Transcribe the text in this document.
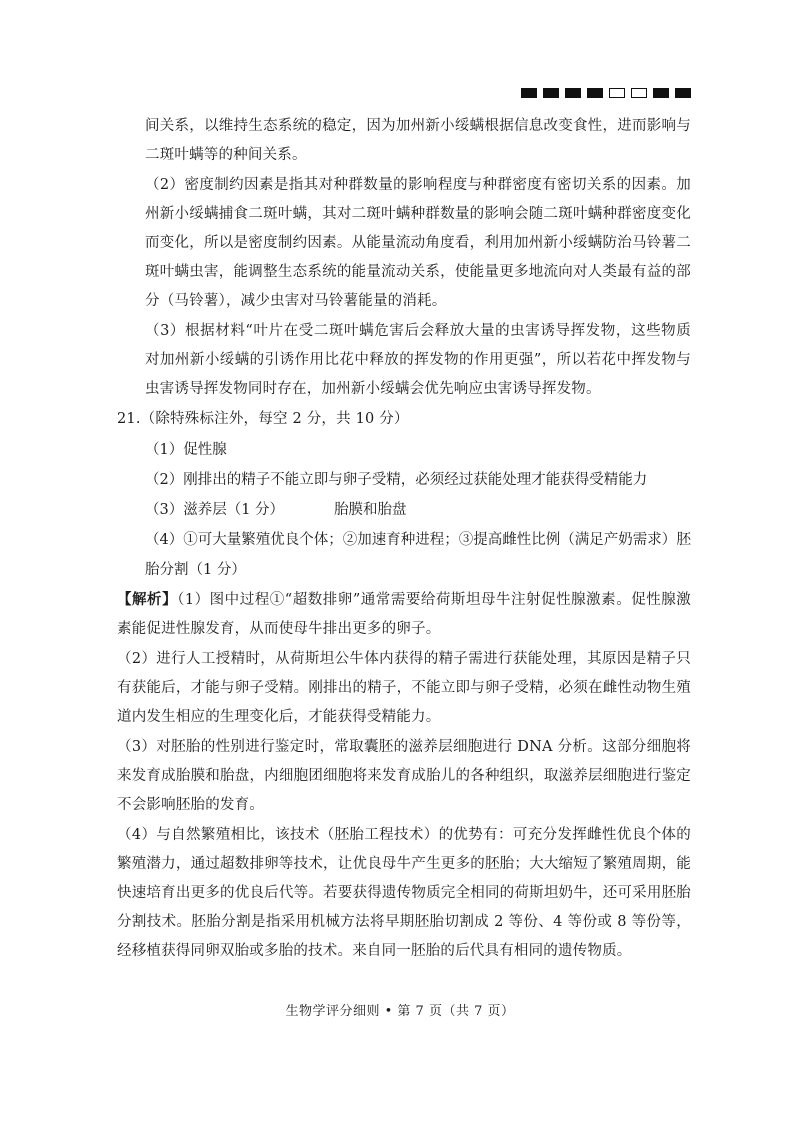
间关系，以维持生态系统的稳定，因为加州新小绥螨根据信息改变食性，进而影响与二斑叶螨等的种间关系。

（2）密度制约因素是指其对种群数量的影响程度与种群密度有密切关系的因素。加州新小绥螨捕食二斑叶螨，其对二斑叶螨种群数量的影响会随二斑叶螨种群密度变化而变化，所以是密度制约因素。从能量流动角度看，利用加州新小绥螨防治马铃薯二斑叶螨虫害，能调整生态系统的能量流动关系，使能量更多地流向对人类最有益的部分（马铃薯），减少虫害对马铃薯能量的消耗。

（3）根据材料“叶片在受二斑叶螨危害后会释放大量的虫害诱导挥发物，这些物质对加州新小绥螨的引诱作用比花中释放的挥发物的作用更强”，所以若花中挥发物与虫害诱导挥发物同时存在，加州新小绥螨会优先响应虫害诱导挥发物。

21.（除特殊标注外，每空 2 分，共 10 分）

（1）促性腺

（2）刚排出的精子不能立即与卵子受精，必须经过获能处理才能获得受精能力

（3）滋养层（1 分）	胎膜和胎盘

（4）①可大量繁殖优良个体；②加速育种进程；③提高雌性比例（满足产奶需求） 胚
胎分割（1 分）

【解析】（1）图中过程①“超数排卵”通常需要给荷斯坦母牛注射促性腺激素。促性腺激素能促进性腺发育，从而使母牛排出更多的卵子。

（2）进行人工授精时，从荷斯坦公牛体内获得的精子需进行获能处理，其原因是精子只有获能后，才能与卵子受精。刚排出的精子，不能立即与卵子受精，必须在雌性动物生殖道内发生相应的生理变化后，才能获得受精能力。

（3）对胚胎的性别进行鉴定时，常取囊胚的滋养层细胞进行 DNA 分析。这部分细胞将来发育成胎膜和胎盘，内细胞团细胞将来发育成胎儿的各种组织，取滋养层细胞进行鉴定不会影响胚胎的发育。

（4）与自然繁殖相比，该技术（胚胎工程技术）的优势有：可充分发挥雌性优良个体的繁殖潜力，通过超数排卵等技术，让优良母牛产生更多的胚胎；大大缩短了繁殖周期，能快速培育出更多的优良后代等。若要获得遗传物质完全相同的荷斯坦奶牛，还可采用胚胎分割技术。胚胎分割是指采用机械方法将早期胚胎切割成 2 等份、4 等份或 8 等份等，经移植获得同卵双胎或多胎的技术。来自同一胚胎的后代具有相同的遗传物质。

生物学评分细则 • 第 7 页（共 7 页）
